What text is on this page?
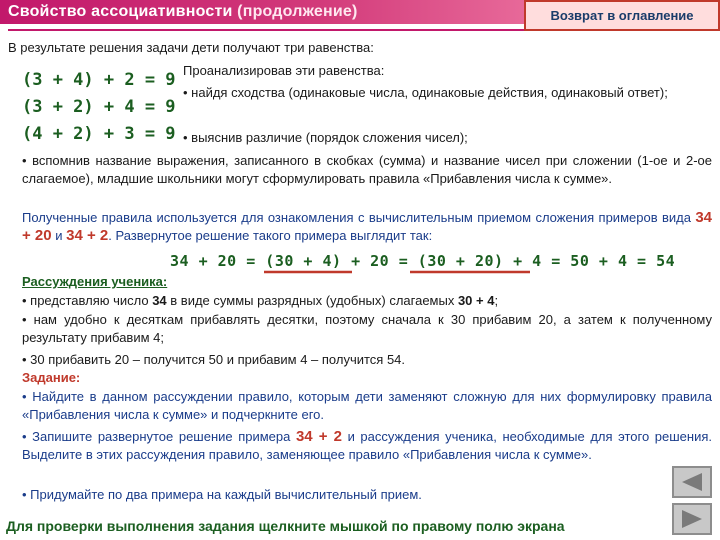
Свойство ассоциативности (продолжение)	Возврат в оглавление
В результате решения задачи дети получают три равенства:
(3 + 4) + 2 = 9
(3 + 2) + 4 = 9
(4 + 2) + 3 = 9
Проанализировав эти равенства:
• найдя сходства (одинаковые числа, одинаковые действия, одинаковый ответ);
• выяснив различие (порядок сложения чисел);
• вспомнив название выражения, записанного в скобках (сумма) и название чисел при сложении (1-ое и 2-ое слагаемое), младшие школьники могут сформулировать правила «Прибавления числа к сумме».
Полученные правила используется для ознакомления с вычислительным приемом сложения примеров вида 34 + 20 и 34 + 2. Развернутое решение такого примера выглядит так:
34 + 20 = (30 + 4) + 20 = (30 + 20) + 4 = 50 + 4 = 54
Рассуждения ученика:
• представляю число 34 в виде суммы разрядных (удобных) слагаемых 30 + 4;
• нам удобно к десяткам прибавлять десятки, поэтому сначала к 30 прибавим 20, а затем к полученному результату прибавим 4;
• 30 прибавить 20 – получится 50 и прибавим 4 – получится 54.
Задание:
• Найдите в данном рассуждении правило, которым дети заменяют сложную для них формулировку правила «Прибавления числа к сумме» и подчеркните его.
• Запишите развернутое решение примера 34 + 2 и рассуждения ученика, необходимые для этого решения. Выделите в этих рассуждения правило, заменяющее правило «Прибавления числа к сумме».
• Придумайте по два примера на каждый вычислительный прием.
Для проверки выполнения задания щелкните мышкой по правому полю экрана
